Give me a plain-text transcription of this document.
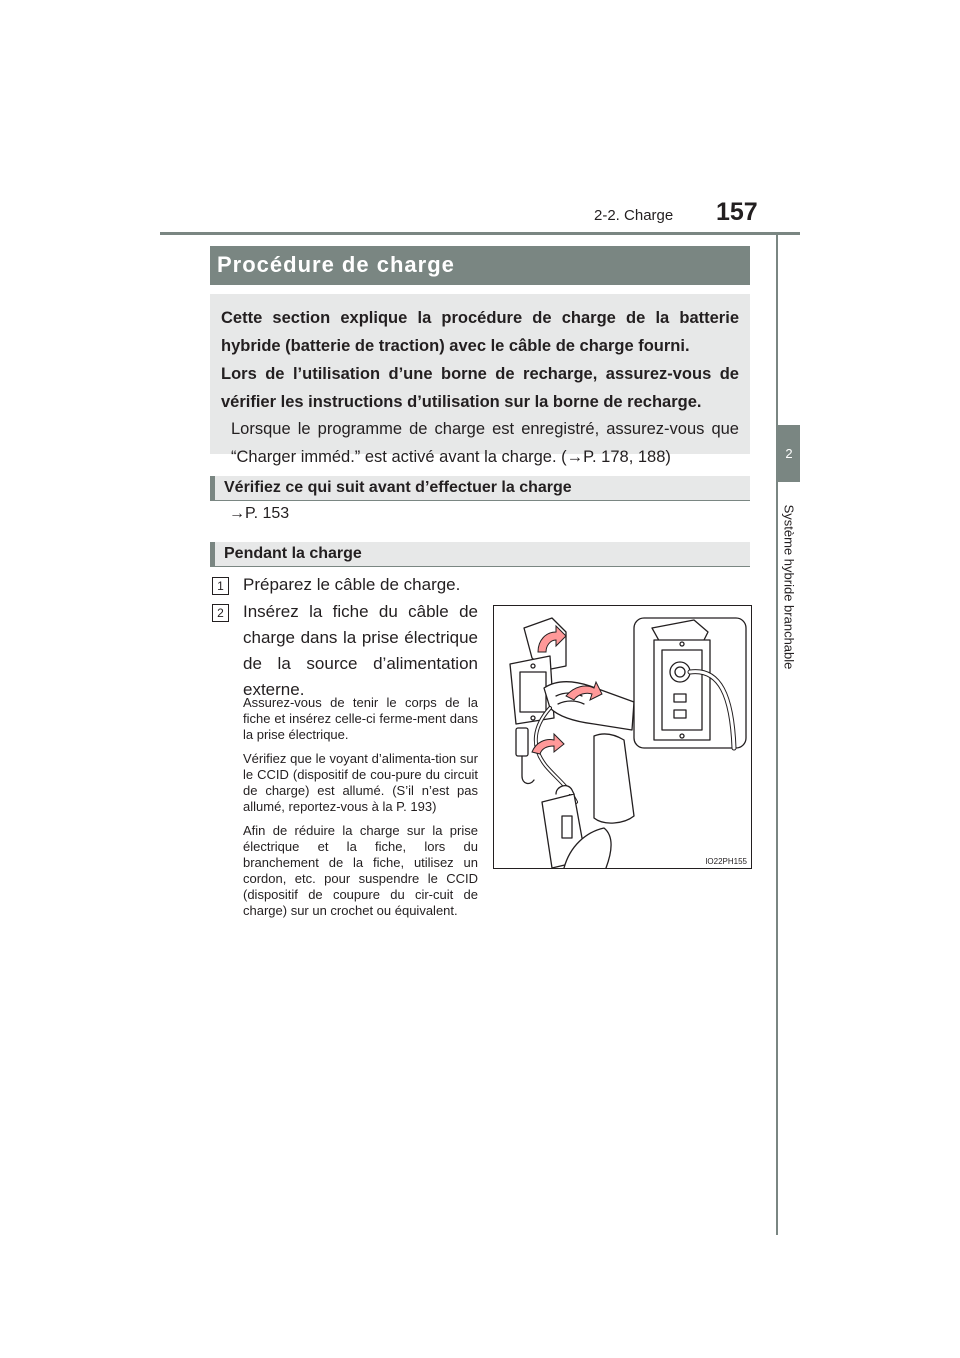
2-2. Charge 157
2
Système hybride branchable
Procédure de charge

Cette section explique la procédure de charge de la batterie hybride (batterie de traction) avec le câble de charge fourni.

Lors de l’utilisation d’une borne de recharge, assurez-vous de vérifier les instructions d’utilisation sur la borne de recharge.

Lorsque le programme de charge est enregistré, assurez-vous que “Charger imméd.” est activé avant la charge. (→P. 178, 188)

Vérifiez ce qui suit avant d’effectuer la charge
→P. 153
Pendant la charge
1	Préparez le câble de charge.
2	Insérez la fiche du câble de charge dans la prise électrique de la source d’alimentation externe.

Assurez-vous de tenir le corps de la fiche et insérez celle-ci ferme-ment dans la prise électrique.

Vérifiez que le voyant d’alimenta-tion sur le CCID (dispositif de cou-pure du circuit de charge) est allumé. (S’il n’est pas allumé, reportez-vous à la P. 193)

Afin de réduire la charge sur la prise électrique et la fiche, lors du branchement de la fiche, utilisez un cordon, etc. pour suspendre le CCID (dispositif de coupure du cir-cuit de charge) sur un crochet ou équivalent.

IO22PH155
